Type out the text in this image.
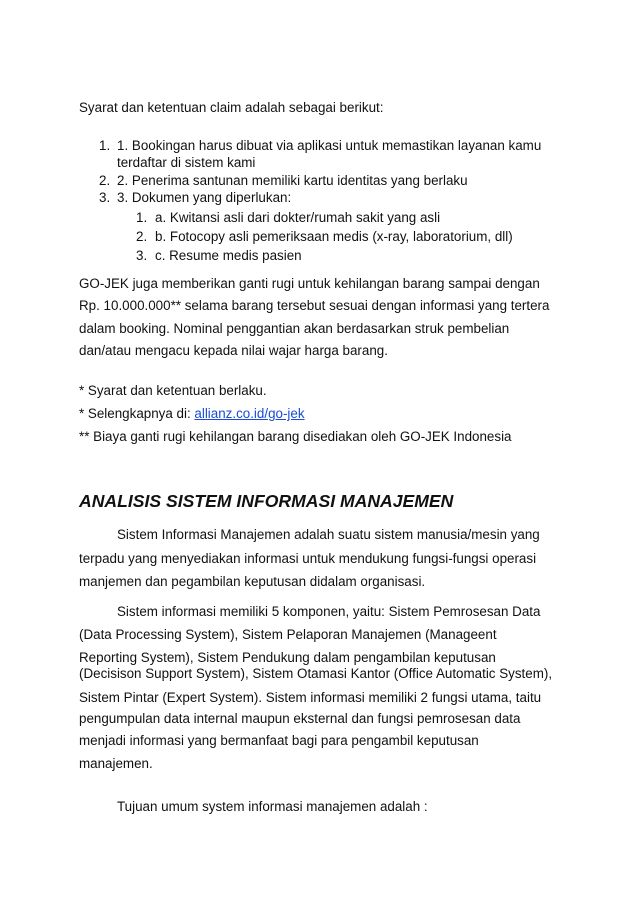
Syarat dan ketentuan claim adalah sebagai berikut:
1. 1. Bookingan harus dibuat via aplikasi untuk memastikan layanan kamu
terdaftar di sistem kami
2. 2. Penerima santunan memiliki kartu identitas yang berlaku
3. 3. Dokumen yang diperlukan:
1. a. Kwitansi asli dari dokter/rumah sakit yang asli
2. b. Fotocopy asli pemeriksaan medis (x-ray, laboratorium, dll)
3. c. Resume medis pasien
GO-JEK juga memberikan ganti rugi untuk kehilangan barang sampai dengan
Rp. 10.000.000** selama barang tersebut sesuai dengan informasi yang tertera
dalam booking. Nominal penggantian akan berdasarkan struk pembelian
dan/atau mengacu kepada nilai wajar harga barang.
* Syarat dan ketentuan berlaku.
* Selengkapnya di: allianz.co.id/go-jek
** Biaya ganti rugi kehilangan barang disediakan oleh GO-JEK Indonesia
ANALISIS SISTEM INFORMASI MANAJEMEN
Sistem Informasi Manajemen adalah suatu sistem manusia/mesin yang
terpadu yang menyediakan informasi untuk mendukung fungsi-fungsi operasi
manjemen dan pegambilan keputusan didalam organisasi.
Sistem informasi memiliki 5 komponen, yaitu: Sistem Pemrosesan Data
(Data Processing System), Sistem Pelaporan Manajemen (Manageent
Reporting System), Sistem Pendukung dalam pengambilan keputusan
(Decisison Support System), Sistem Otamasi Kantor (Office Automatic System),
Sistem Pintar (Expert System). Sistem informasi memiliki 2 fungsi utama, taitu
pengumpulan data internal maupun eksternal dan fungsi pemrosesan data
menjadi informasi yang bermanfaat bagi para pengambil keputusan
manajemen.
Tujuan umum system informasi manajemen adalah :
